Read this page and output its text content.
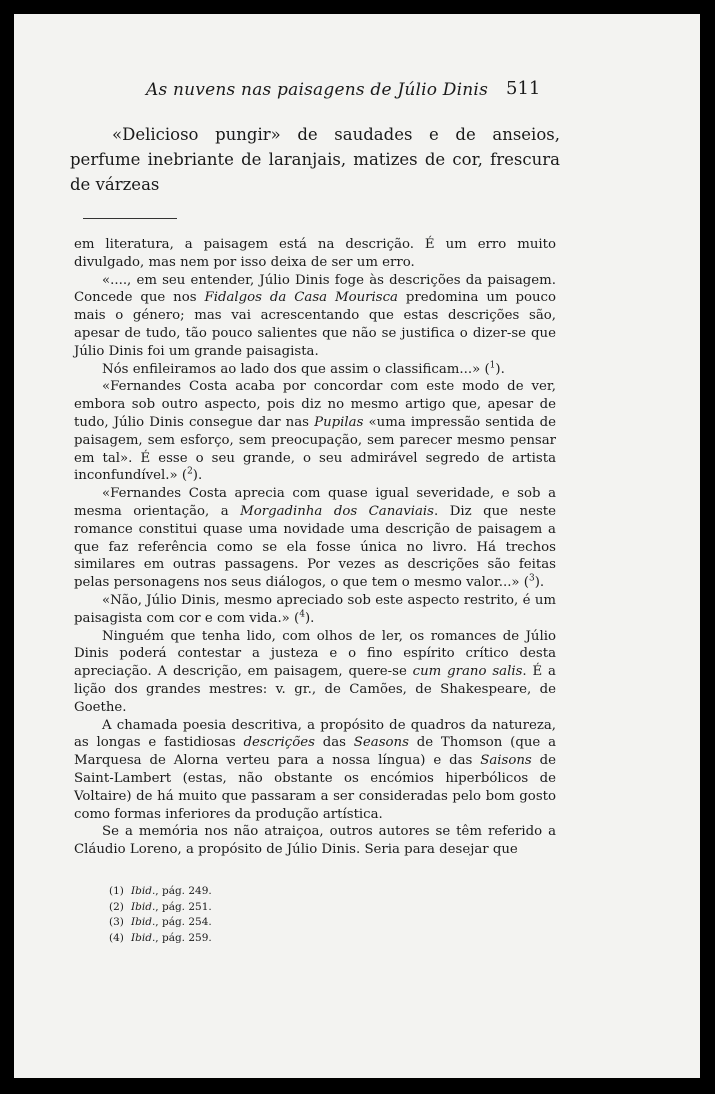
As nuvens nas paisagens de Júlio Dinis 511

«Delicioso pungir» de saudades e de anseios, perfume inebriante de laranjais, matizes de cor, frescura de várzeas

em literatura, a paisagem está na descrição. É um erro muito divulgado, mas nem por isso deixa de ser um erro.

«...., em seu entender, Júlio Dinis foge às descrições da paisagem. Concede que nos Fidalgos da Casa Mourisca predomina um pouco mais o género; mas vai acrescentando que estas descrições são, apesar de tudo, tão pouco salientes que não se justifica o dizer-se que Júlio Dinis foi um grande paisagista.

Nós enfileiramos ao lado dos que assim o classificam...» ($^1$).

«Fernandes Costa acaba por concordar com este modo de ver, embora sob outro aspecto, pois diz no mesmo artigo que, apesar de tudo, Júlio Dinis consegue dar nas Pupilas «uma impressão sentida de paisagem, sem esforço, sem preocupação, sem parecer mesmo pensar em tal». É esse o seu grande, o seu admirável segredo de artista inconfundível.» ($^2$).

«Fernandes Costa aprecia com quase igual severidade, e sob a mesma orientação, a Morgadinha dos Canaviais. Diz que neste romance constitui quase uma novidade uma descrição de paisagem a que faz referência como se ela fosse única no livro. Há trechos similares em outras passagens. Por vezes as descrições são feitas pelas personagens nos seus diálogos, o que tem o mesmo valor...» ($^3$).

«Não, Júlio Dinis, mesmo apreciado sob este aspecto restrito, é um paisagista com cor e com vida.» ($^4$).

Ninguém que tenha lido, com olhos de ler, os romances de Júlio Dinis poderá contestar a justeza e o fino espírito crítico desta apreciação. A descrição, em paisagem, quere-se cum grano salis. É a lição dos grandes mestres: v. gr., de Camões, de Shakespeare, de Goethe.

A chamada poesia descritiva, a propósito de quadros da natureza, as longas e fastidiosas descrições das Seasons de Thomson (que a Marquesa de Alorna verteu para a nossa língua) e das Saisons de Saint-Lambert (estas, não obstante os encómios hiperbólicos de Voltaire) de há muito que passaram a ser consideradas pelo bom gosto como formas inferiores da produção artística.

Se a memória nos não atraiçoa, outros autores se têm referido a Cláudio Loreno, a propósito de Júlio Dinis. Seria para desejar que

(1) Ibid., pág. 249.
(2) Ibid., pág. 251.
(3) Ibid., pág. 254.
(4) Ibid., pág. 259.
